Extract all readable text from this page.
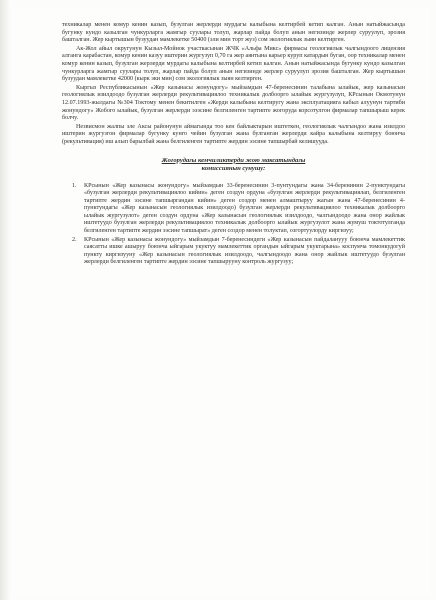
техникалар менен комур кенин казып, бузулган жерлерди мурдагы калыбына келтирбей кетип калган. Анын натыйжасында бугунку кундо казылган чункурларга жамгыр суулары толуп, жарлар пайда болуп анын негизинде жерлер суруулуп, эрозия башталган. Жер кыртышын бузуудан мамлекетке 50400 (эли мин торт жуз) сом экологиялык зыян келтирген.

Ак-Жол айыл округунун Кызыл-Мойнок участкасынан ЖЧК «Альфа Микс» фирмасы геологиялык чалгындоого лицензия алганга карабастан, комур кенин казуу иштерин жургузуп 0,70 га жер аянтына карьер куруп катардын буган, оор техникалар менен комур кенин казып, бузулган жерлерди мурдагы калыбына келтирбей кетип калган. Анын натыйжасында бугунку кундо казылган чункурларга жамгыр суулары толуп, жарлар пайда болуп анын негизинде жерлер суруулуп эрозия башталган. Жер кыртышын бузуудан мамлекетке 42000 (кырк эки мин) сом экологиялык зыян келтирген.

Кыргыз Республикасынын «Жер казынасы жонундогу» мыйзамдын 47-беренесинин талабына ылайык, жер казынасын геологиялык изилдоодо бузулган жерлерди рекультивациялоо техникалык долбоорго ылайык жургузулуп, КРсынын Окмотунун 12.07.1993-жылдагы №304 Токтому менен бекитилген «Жерди калыбына келтиругу жана эксплуатацияга кабыл алуунун тартиби жонундогу» Жобого ылайык, бузулган жерлерди эээсине белгиленген тартипте жогоруда корсотулгон фирмалар тапшырыш керек болчу.

Незвисмон жалпы эле Аксы районунун аймагында тоо кен байлыктарын иштеткен, геологиялык чалгындоо жана изилдоо иштерин жургузгон фирмалар бугунку кунго чейин бузулган жана булганган жерлерди кайра калыбына келтируу боюнча (рекультивация) иш алып барылбай жана белгиленген тартипте жердин ээсине тапшырбай келишууда.

Жогорудагы кемчиликтерди жою максатындагы
комиссиянын сунушу:
1. КРсынын «Жер казынасы жонундогу» мыйзамдын 33-беренесинин 3-пунтундагы жана 34-беренинин 2-пунктундагы «бузулган жерлерди рекультивациялоо кийин» деген создун ордуна «бузулган жерлерди рекультивациялап, белгиленген тартипте жердин ээсине тапшыргандан кийин» деген создор менен алмаштыруу жагын жана 47-беренесинин 4-пунктундагы «Жер казынасын геологиялык изилдоодо) бузулган жерлерди рекультивациялоо техникалык долбоорго ылайык жургузулот» деген создун ордуна «Жер казынасын геологиялык изилдоодо, чалгындоодо жана онор жайлык иштетуудо бузулган жерлерди рекультивациялоо техникалык долбоорго ылайык жургузулот жана жумуш токтотулганда белгиленген тартипте жердин ээсине тапшырат» деген создор менен толуктап, озгортуулорду киргизуу;
2. КРсынын «Жер казынасы жонундогу» мыйзамдын 7-беренесиндеги «Жер казынасын пайдаланууу боюнча мамлекеттик саясатты ишке ашыруу боюнча ыйгарым укуктуу мамлекеттик органдын ыйгарым укуктарына» коспумча томонкудогуй пункту киргизууну «Жер казынасын геологиялык изилдоодо, чалгындоодо жана онор жайлык иштетуудо бузулган жерлерди белгиленген тартипте жердин ээсине тапшырууну контроль жургузуу;
